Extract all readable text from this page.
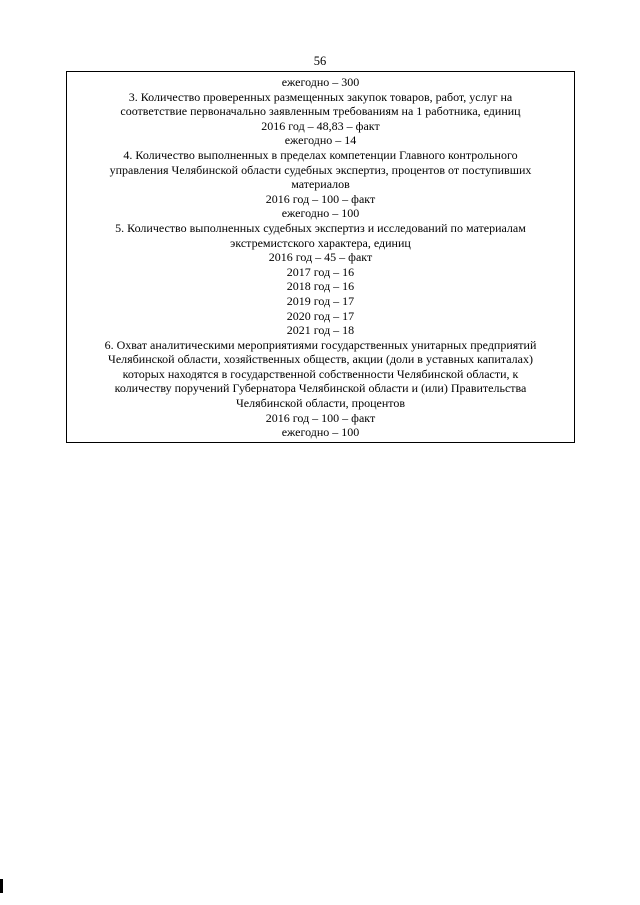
56
ежегодно – 300
3. Количество проверенных размещенных закупок товаров, работ, услуг на
соответствие первоначально заявленным требованиям на 1 работника, единиц
2016 год – 48,83 – факт
ежегодно – 14
4. Количество выполненных в пределах компетенции Главного контрольного
управления Челябинской области судебных экспертиз, процентов от поступивших
материалов
2016 год – 100 – факт
ежегодно – 100
5. Количество выполненных судебных экспертиз и исследований по материалам
экстремистского характера, единиц
2016 год – 45 – факт
2017 год – 16
2018 год – 16
2019 год – 17
2020 год – 17
2021 год – 18
6. Охват аналитическими мероприятиями государственных унитарных предприятий
Челябинской области, хозяйственных обществ, акции (доли в уставных капиталах)
которых находятся в государственной собственности Челябинской области, к
количеству поручений Губернатора Челябинской области и (или) Правительства
Челябинской области, процентов
2016 год – 100 – факт
ежегодно – 100
